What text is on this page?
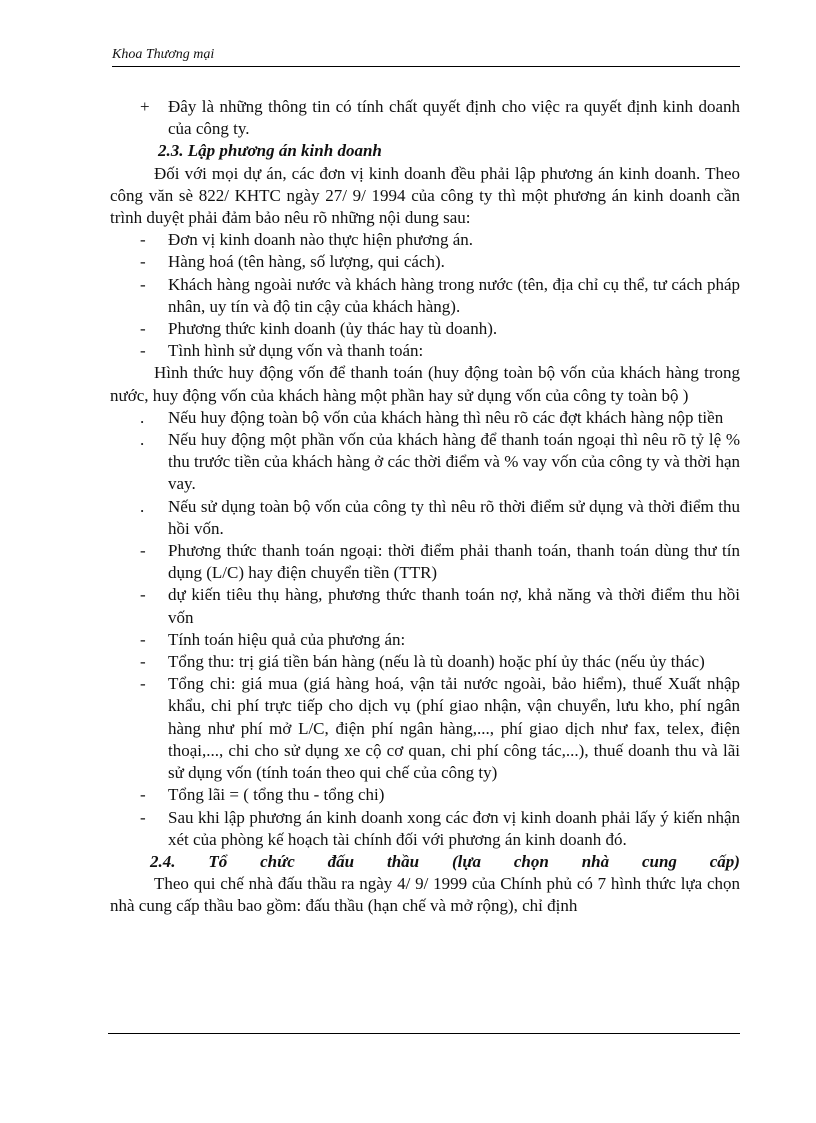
Khoa Thương mại

+ Đây là những thông tin có tính chất quyết định cho việc ra quyết định kinh doanh của công ty.

2.3. Lập phương án kinh doanh

Đối với mọi dự án, các đơn vị kinh doanh đều phải lập phương án kinh doanh. Theo công văn sè 822/ KHTC ngày 27/ 9/ 1994 của công ty thì một phương án kinh doanh cần trình duyệt phải đảm bảo nêu rõ những nội dung sau:

- Đơn vị kinh doanh nào thực hiện phương án.

- Hàng hoá (tên hàng, số lượng, qui cách).

- Khách hàng ngoài nước và khách hàng trong nước (tên, địa chỉ cụ thể, tư cách pháp nhân, uy tín và độ tin cậy của khách hàng).

- Phương thức kinh doanh (ủy thác hay tù doanh).

- Tình hình sử dụng vốn và thanh toán:

Hình thức huy động vốn để thanh toán (huy động toàn bộ vốn của khách hàng trong nước, huy động vốn của khách hàng một phần hay sử dụng vốn của công ty toàn bộ )

. Nếu huy động toàn bộ vốn của khách hàng thì nêu rõ các đợt khách hàng nộp tiền

. Nếu huy động một phần vốn của khách hàng để thanh toán ngoại thì nêu rõ tỷ lệ % thu trước tiền của khách hàng ở các thời điểm và % vay vốn của công ty và thời hạn vay.

. Nếu sử dụng toàn bộ vốn của công ty thì nêu rõ thời điểm sử dụng và thời điểm thu hồi vốn.

- Phương thức thanh toán ngoại: thời điểm phải thanh toán, thanh toán dùng thư tín dụng (L/C) hay điện chuyển tiền (TTR)

- dự kiến tiêu thụ hàng, phương thức thanh toán nợ, khả năng và thời điểm thu hồi vốn

- Tính toán hiệu quả của phương án:

- Tổng thu: trị giá tiền bán hàng (nếu là tù doanh) hoặc phí ủy thác (nếu ủy thác)

- Tổng chi: giá mua (giá hàng hoá, vận tải nước ngoài, bảo hiểm), thuế Xuất nhập khẩu, chi phí trực tiếp cho dịch vụ (phí giao nhận, vận chuyển, lưu kho, phí ngân hàng như phí mở L/C, điện phí ngân hàng,..., phí giao dịch như fax, telex, điện thoại,..., chi cho sử dụng xe cộ cơ quan, chi phí công tác,...), thuế doanh thu và lãi sử dụng vốn (tính toán theo qui chế của công ty)

- Tổng lãi = ( tổng thu - tổng chi)

- Sau khi lập phương án kinh doanh xong các đơn vị kinh doanh phải lấy ý kiến nhận xét của phòng kế hoạch tài chính đối với phương án kinh doanh đó.

2.4. Tổ chức đấu thầu (lựa chọn nhà cung cấp)

Theo qui chế nhà đấu thầu ra ngày 4/ 9/ 1999 của Chính phủ có 7 hình thức lựa chọn nhà cung cấp thầu bao gồm: đấu thầu (hạn chế và mở rộng), chỉ định
